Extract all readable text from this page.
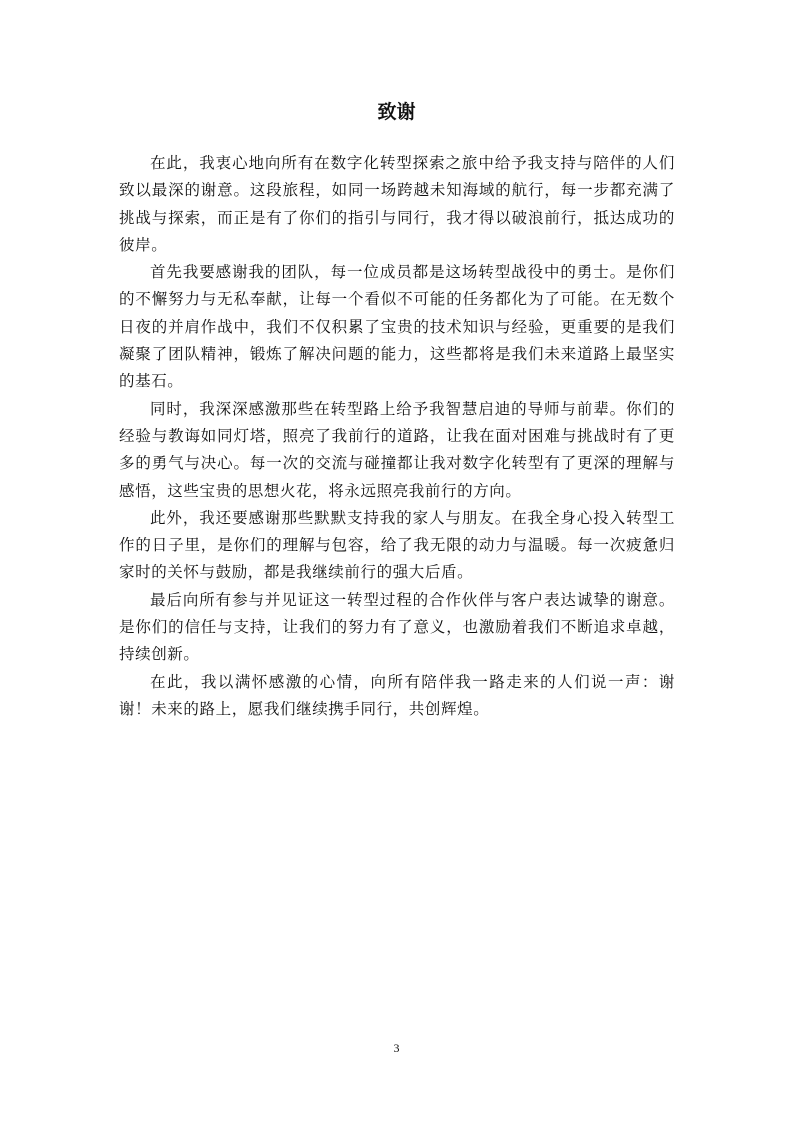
致谢

在此，我衷心地向所有在数字化转型探索之旅中给予我支持与陪伴的人们致以最深的谢意。这段旅程，如同一场跨越未知海域的航行，每一步都充满了挑战与探索，而正是有了你们的指引与同行，我才得以破浪前行，抵达成功的彼岸。

首先我要感谢我的团队，每一位成员都是这场转型战役中的勇士。是你们的不懈努力与无私奉献，让每一个看似不可能的任务都化为了可能。在无数个日夜的并肩作战中，我们不仅积累了宝贵的技术知识与经验，更重要的是我们凝聚了团队精神，锻炼了解决问题的能力，这些都将是我们未来道路上最坚实的基石。

同时，我深深感激那些在转型路上给予我智慧启迪的导师与前辈。你们的经验与教诲如同灯塔，照亮了我前行的道路，让我在面对困难与挑战时有了更多的勇气与决心。每一次的交流与碰撞都让我对数字化转型有了更深的理解与感悟，这些宝贵的思想火花，将永远照亮我前行的方向。

此外，我还要感谢那些默默支持我的家人与朋友。在我全身心投入转型工作的日子里，是你们的理解与包容，给了我无限的动力与温暖。每一次疲惫归家时的关怀与鼓励，都是我继续前行的强大后盾。

最后向所有参与并见证这一转型过程的合作伙伴与客户表达诚挚的谢意。是你们的信任与支持，让我们的努力有了意义，也激励着我们不断追求卓越，持续创新。

在此，我以满怀感激的心情，向所有陪伴我一路走来的人们说一声：谢谢！未来的路上，愿我们继续携手同行，共创辉煌。

3
